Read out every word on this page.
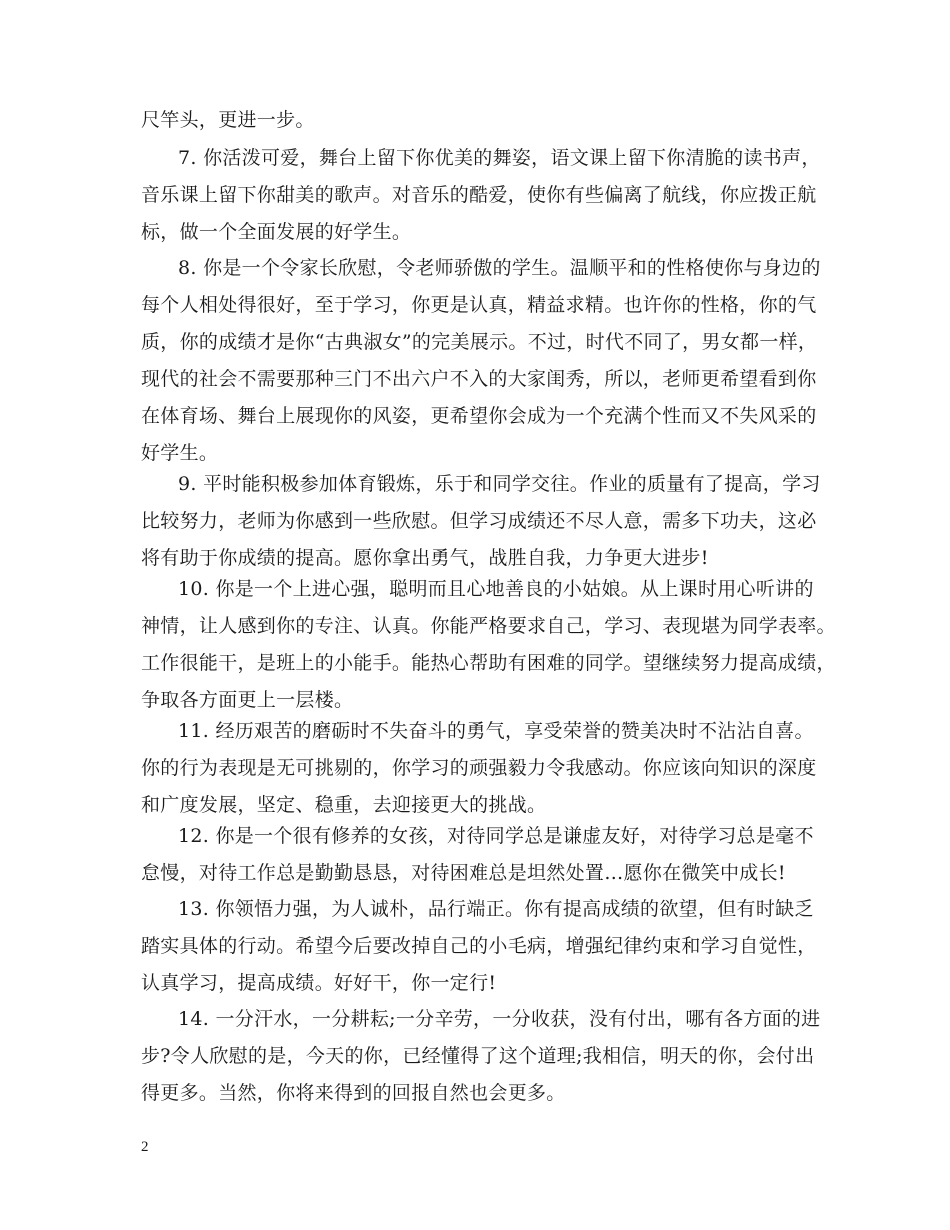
尺竿头，更进一步。
7. 你活泼可爱，舞台上留下你优美的舞姿，语文课上留下你清脆的读书声，
音乐课上留下你甜美的歌声。对音乐的酷爱，使你有些偏离了航线，你应拨正航
标，做一个全面发展的好学生。
8. 你是一个令家长欣慰，令老师骄傲的学生。温顺平和的性格使你与身边的
每个人相处得很好，至于学习，你更是认真，精益求精。也许你的性格，你的气
质，你的成绩才是你“古典淑女”的完美展示。不过，时代不同了，男女都一样，
现代的社会不需要那种三门不出六户不入的大家闺秀，所以，老师更希望看到你
在体育场、舞台上展现你的风姿，更希望你会成为一个充满个性而又不失风采的
好学生。
9. 平时能积极参加体育锻炼，乐于和同学交往。作业的质量有了提高，学习
比较努力，老师为你感到一些欣慰。但学习成绩还不尽人意，需多下功夫，这必
将有助于你成绩的提高。愿你拿出勇气，战胜自我，力争更大进步!
10. 你是一个上进心强，聪明而且心地善良的小姑娘。从上课时用心听讲的
神情，让人感到你的专注、认真。你能严格要求自己，学习、表现堪为同学表率。
工作很能干，是班上的小能手。能热心帮助有困难的同学。望继续努力提高成绩，
争取各方面更上一层楼。
11. 经历艰苦的磨砺时不失奋斗的勇气，享受荣誉的赞美决时不沾沾自喜。
你的行为表现是无可挑剔的，你学习的顽强毅力令我感动。你应该向知识的深度
和广度发展，坚定、稳重，去迎接更大的挑战。
12. 你是一个很有修养的女孩，对待同学总是谦虚友好，对待学习总是毫不
怠慢，对待工作总是勤勤恳恳，对待困难总是坦然处置…愿你在微笑中成长!
13. 你领悟力强，为人诚朴，品行端正。你有提高成绩的欲望，但有时缺乏
踏实具体的行动。希望今后要改掉自己的小毛病，增强纪律约束和学习自觉性，
认真学习，提高成绩。好好干，你一定行!
14. 一分汗水，一分耕耘;一分辛劳，一分收获，没有付出，哪有各方面的进
步?令人欣慰的是，今天的你，已经懂得了这个道理;我相信，明天的你，会付出
得更多。当然，你将来得到的回报自然也会更多。
2
